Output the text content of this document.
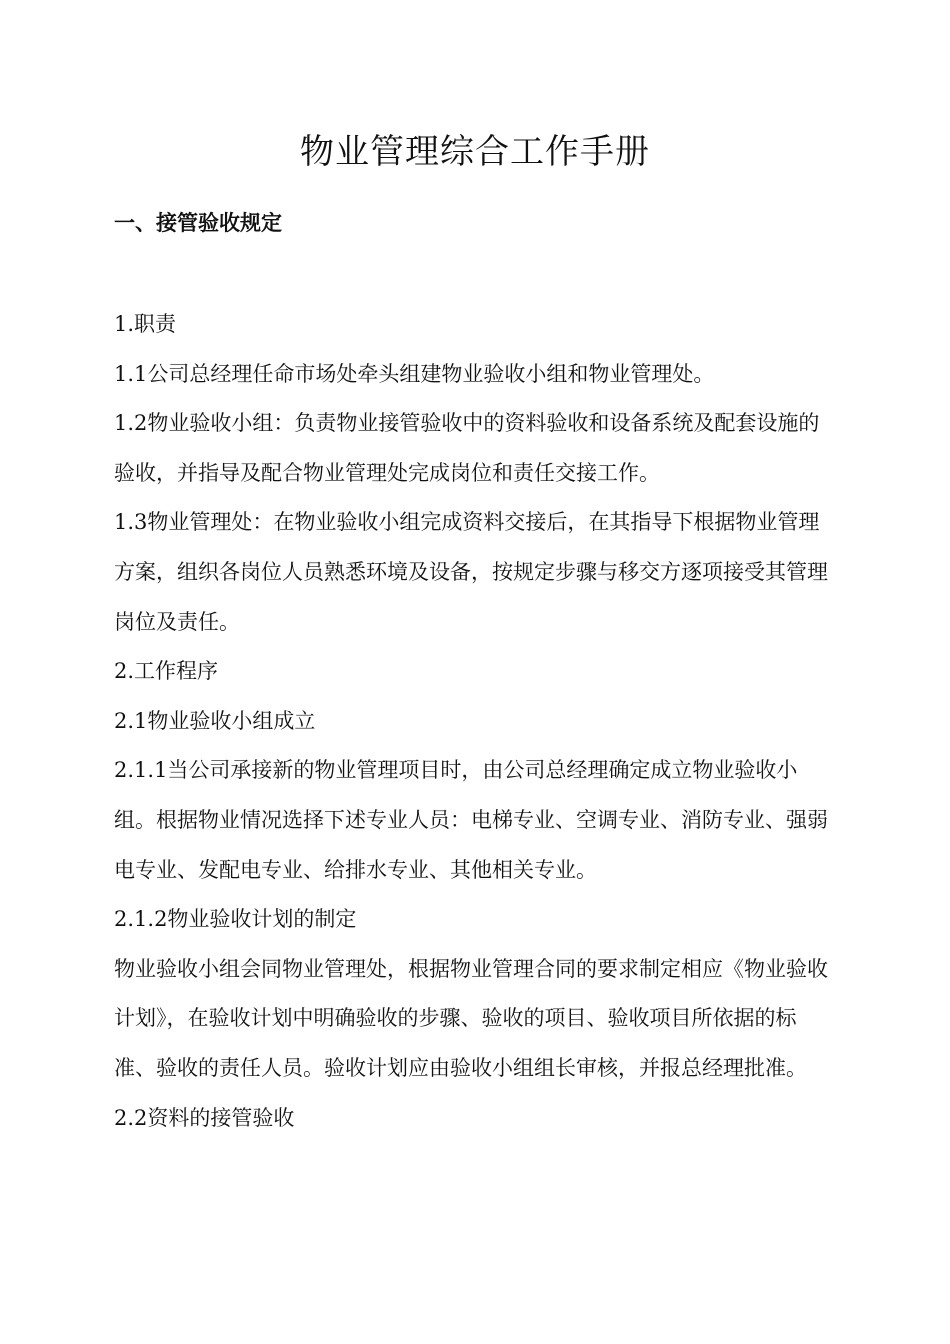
物业管理综合工作手册
一、接管验收规定

1.职责

1.1公司总经理任命市场处牵头组建物业验收小组和物业管理处。

1.2物业验收小组：负责物业接管验收中的资料验收和设备系统及配套设施的验收，并指导及配合物业管理处完成岗位和责任交接工作。

1.3物业管理处：在物业验收小组完成资料交接后，在其指导下根据物业管理方案，组织各岗位人员熟悉环境及设备，按规定步骤与移交方逐项接受其管理岗位及责任。

2.工作程序

2.1物业验收小组成立

2.1.1当公司承接新的物业管理项目时，由公司总经理确定成立物业验收小组。根据物业情况选择下述专业人员：电梯专业、空调专业、消防专业、强弱电专业、发配电专业、给排水专业、其他相关专业。

2.1.2物业验收计划的制定

物业验收小组会同物业管理处，根据物业管理合同的要求制定相应《物业验收计划》，在验收计划中明确验收的步骤、验收的项目、验收项目所依据的标准、验收的责任人员。验收计划应由验收小组组长审核，并报总经理批准。

2.2资料的接管验收
